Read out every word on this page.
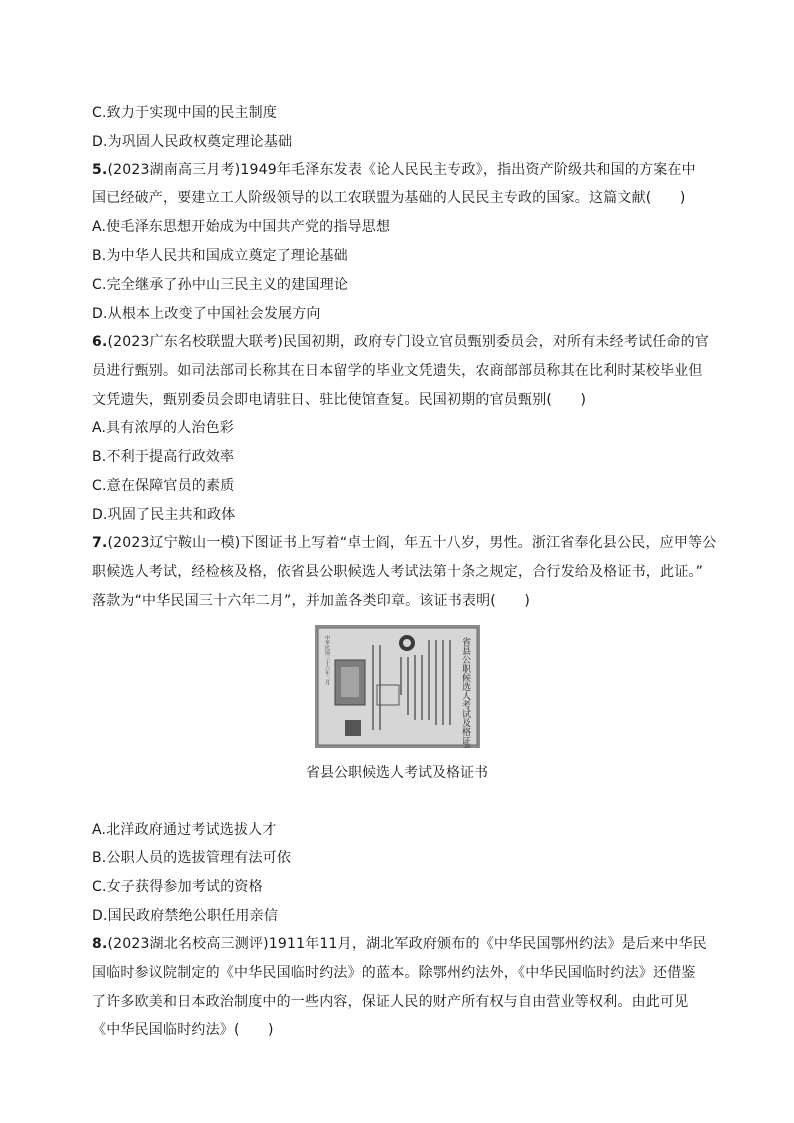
C.致力于实现中国的民主制度
D.为巩固人民政权奠定理论基础
5.(2023湖南高三月考)1949年毛泽东发表《论人民民主专政》，指出资产阶级共和国的方案在中
国已经破产，要建立工人阶级领导的以工农联盟为基础的人民民主专政的国家。这篇文献(　　)
A.使毛泽东思想开始成为中国共产党的指导思想
B.为中华人民共和国成立奠定了理论基础
C.完全继承了孙中山三民主义的建国理论
D.从根本上改变了中国社会发展方向
6.(2023广东名校联盟大联考)民国初期，政府专门设立官员甄别委员会，对所有未经考试任命的官
员进行甄别。如司法部司长称其在日本留学的毕业文凭遗失，农商部部员称其在比利时某校毕业但
文凭遗失，甄别委员会即电请驻日、驻比使馆查复。民国初期的官员甄别(　　)
A.具有浓厚的人治色彩
B.不利于提高行政效率
C.意在保障官员的素质
D.巩固了民主共和政体
7.(2023辽宁鞍山一模)下图证书上写着“卓士阎，年五十八岁，男性。浙江省奉化县公民，应甲等公
职候选人考试，经检核及格，依省县公职候选人考试法第十条之规定，合行发给及格证书，此证。”
落款为“中华民国三十六年二月”，并加盖各类印章。该证书表明(　　)
省县公职候选人考试及格证书
中华民国三十六年二月
省县公职候选人考试及格证书
A.北洋政府通过考试选拔人才
B.公职人员的选拔管理有法可依
C.女子获得参加考试的资格
D.国民政府禁绝公职任用亲信
8.(2023湖北名校高三测评)1911年11月，湖北军政府颁布的《中华民国鄂州约法》是后来中华民
国临时参议院制定的《中华民国临时约法》的蓝本。除鄂州约法外，《中华民国临时约法》还借鉴
了许多欧美和日本政治制度中的一些内容，保证人民的财产所有权与自由营业等权利。由此可见
《中华民国临时约法》(　　)
